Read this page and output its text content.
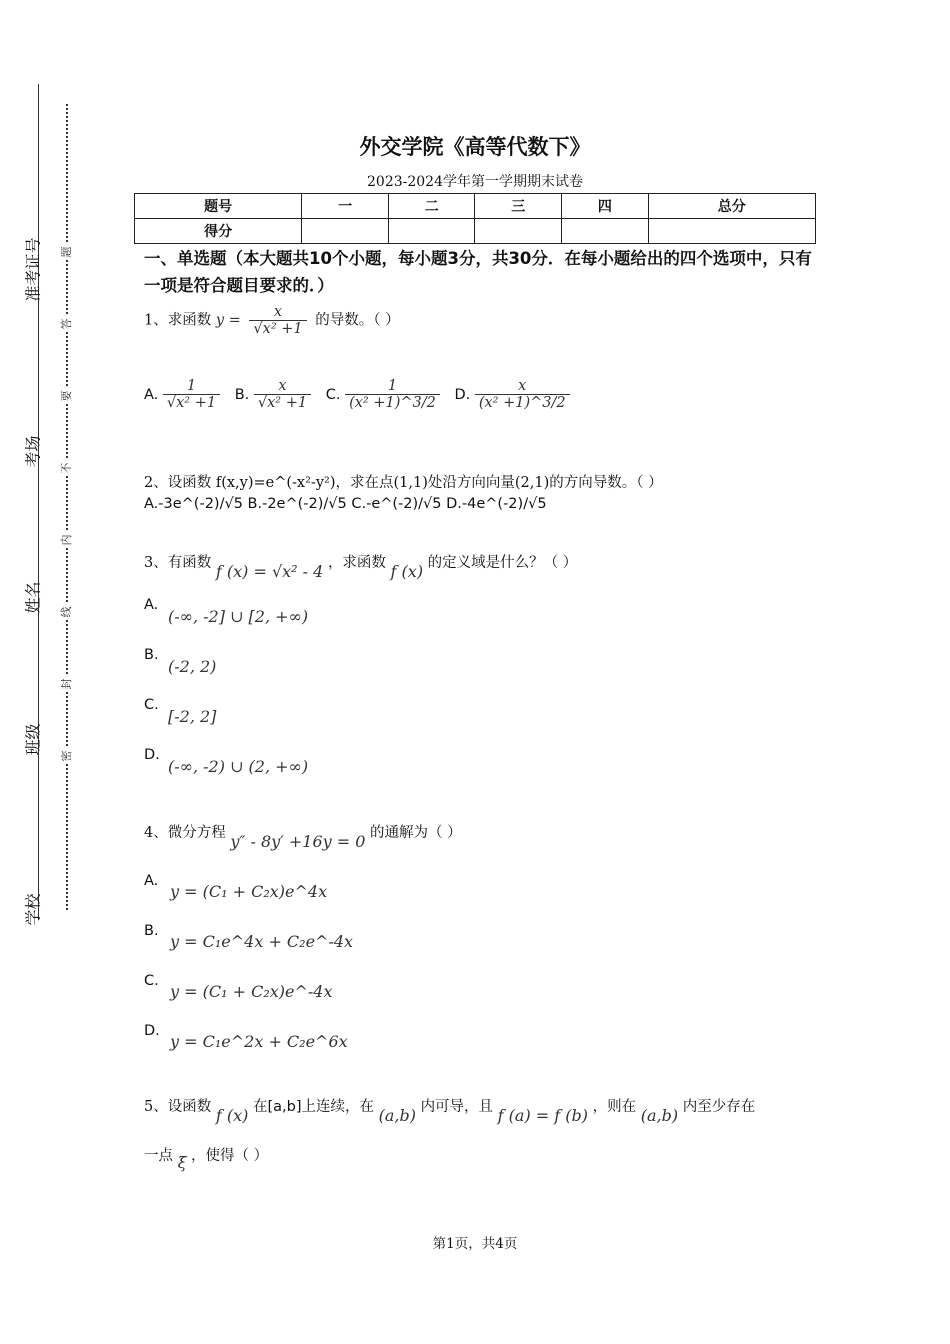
准考证号
考场
姓名
班级
学校
题
答
要
不
内
线
封
密
外交学院《高等代数下》
2023-2024学年第一学期期末试卷
题号	一	二	三	四	总分
得分					
一、单选题（本大题共10个小题，每小题3分，共30分．在每小题给出的四个选项中，只有一项是符合题目要求的．）
1、求函数 $y = \frac{x}{\text{√x² +1}}$ 的导数。（ ）
A. $\frac{1}{\text{√x² +1}} B$. $\frac{x}{\text{√x² +1}} C$. $\frac{1}{\text{(x² +1)\textasciicircum{}3/2}} D$. $\frac{x}{\text{(x² +1)\textasciicircum{}3/2}}$
2、设函数 f(x,y)=e^(-x²-y²)，求在点(1,1)处沿方向向量(2,1)的方向导数。（ ）
A.-3e^(-2)/√5 B.-2e^(-2)/√5 C.-e^(-2)/√5 D.-4e^(-2)/√5
3、有函数 f (x) = √x² - 4 ，求函数 f (x) 的定义域是什么？（ ）
A.
(-∞, -2] ∪ [2, +∞)
B.
(-2, 2)
C.
[-2, 2]
D.
(-∞, -2) ∪ (2, +∞)
4、微分方程 y″ - 8y′ +16y = 0 的通解为（ ）
A.
y = (C₁ + C₂x)e^4x
B.
y = C₁e^4x + C₂e^-4x
C.
y = (C₁ + C₂x)e^-4x
D.
y = C₁e^2x + C₂e^6x
5、设函数 f (x) 在[a,b]上连续，在 (a,b) 内可导，且 f (a) = f (b) ，则在 (a,b) 内至少存在
一点 ξ ，使得（ ）
第1页，共4页
